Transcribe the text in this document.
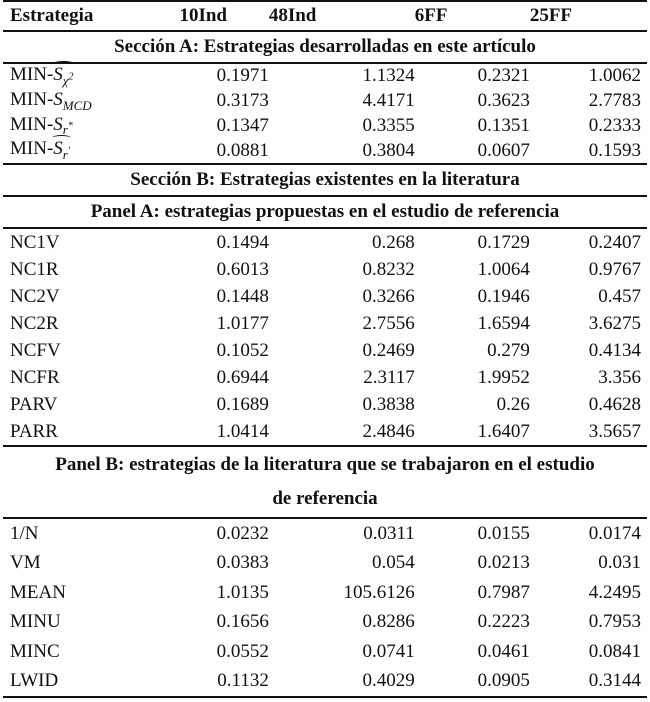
Estrategia	10Ind	48Ind	6FF	25FF
Sección A: Estrategias desarrolladas en este artículo				
MIN-$S_{\chi^2}$	0.1971	1.1324	0.2321	1.0062
MIN-$S_{MCD}$	0.3173	4.4171	0.3623	2.7783
MIN-$S_{r^*}$	0.1347	0.3355	0.1351	0.2333
MIN-$S_{r'}$	0.0881	0.3804	0.0607	0.1593
Sección B: Estrategias existentes en la literatura				
Panel A: estrategias propuestas en el estudio de referencia				
NC1V	0.1494	0.268	0.1729	0.2407
NC1R	0.6013	0.8232	1.0064	0.9767
NC2V	0.1448	0.3266	0.1946	0.457
NC2R	1.0177	2.7556	1.6594	3.6275
NCFV	0.1052	0.2469	0.279	0.4134
NCFR	0.6944	2.3117	1.9952	3.356
PARV	0.1689	0.3838	0.26	0.4628
PARR	1.0414	2.4846	1.6407	3.5657
Panel B: estrategias de la literatura que se trabajaron en el estudio
de referencia				
1/N	0.0232	0.0311	0.0155	0.0174
VM	0.0383	0.054	0.0213	0.031
MEAN	1.0135	105.6126	0.7987	4.2495
MINU	0.1656	0.8286	0.2223	0.7953
MINC	0.0552	0.0741	0.0461	0.0841
LWID	0.1132	0.4029	0.0905	0.3144
